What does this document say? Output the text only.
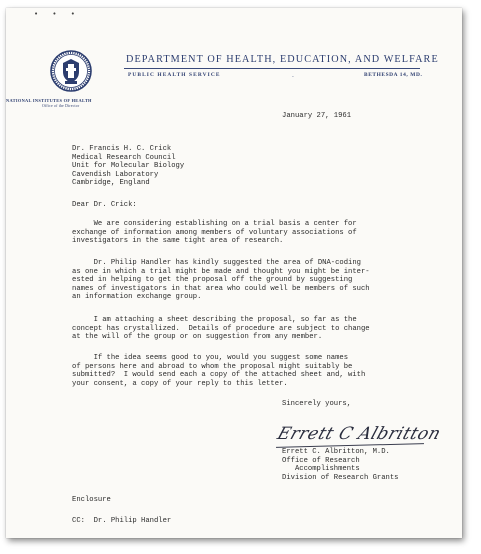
• • •
DEPARTMENT OF HEALTH, EDUCATION, AND WELFARE
PUBLIC HEALTH SERVICE	.	BETHESDA 14, MD.
NATIONAL INSTITUTES OF HEALTH
Office of the Director
January 27, 1961
Dr. Francis H. C. Crick
Medical Research Council
Unit for Molecular Biology
Cavendish Laboratory
Cambridge, England
Dear Dr. Crick:
We are considering establishing on a trial basis a center for
exchange of information among members of voluntary associations of
investigators in the same tight area of research.
Dr. Philip Handler has kindly suggested the area of DNA-coding
as one in which a trial might be made and thought you might be inter-
ested in helping to get the proposal off the ground by suggesting
names of investigators in that area who could well be members of such
an information exchange group.
I am attaching a sheet describing the proposal, so far as the
concept has crystallized.  Details of procedure are subject to change
at the will of the group or on suggestion from any member.
If the idea seems good to you, would you suggest some names
of persons here and abroad to whom the proposal might suitably be
submitted?  I would send each a copy of the attached sheet and, with
your consent, a copy of your reply to this letter.
Sincerely yours,
Errett C Albritton
Errett C. Albritton, M.D.
Office of Research
Accomplishments
Division of Research Grants
Enclosure
CC:  Dr. Philip Handler
